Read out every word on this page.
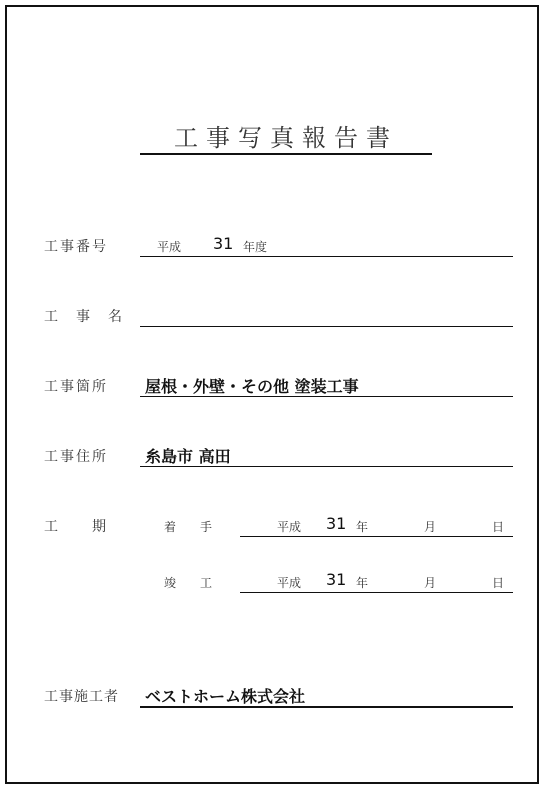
工事写真報告書
工事番号	平成 31 年度
工　事　名
工事箇所 屋根・外壁・その他 塗装工事
工事住所 糸島市 高田
工　　期	着　　手	平成 31 年	月	日
竣　　工	平成 31 年	月	日
工事施工者 ベストホーム株式会社
